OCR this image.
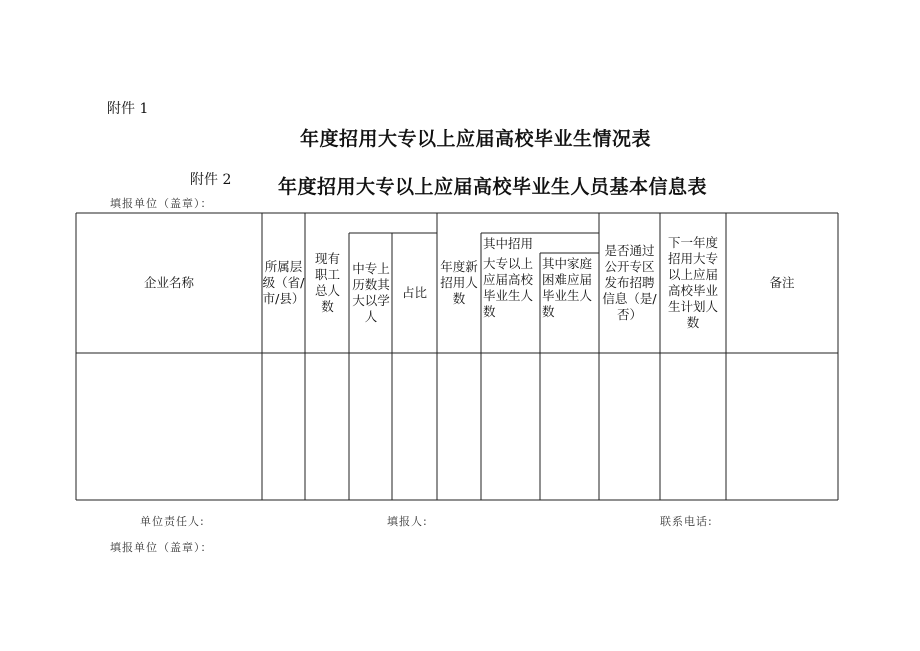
附件 1
年度招用大专以上应届高校毕业生情况表
附件 2 年度招用大专以上应届高校毕业生人员基本信息表
填报单位（盖章）：
企业名称
所属层级（省/市/县）
现有职工总人数
中专上历数其大以学人
占比
年度新招用人数
其中招用
大专以上应届高校毕业生人数
其中家庭困难应届毕业生人数
是否通过公开专区发布招聘信息（是/否）
下一年度招用大专以上应届高校毕业生计划人数
备注
单位责任人:	填报人:	联系电话:
填报单位（盖章）：
